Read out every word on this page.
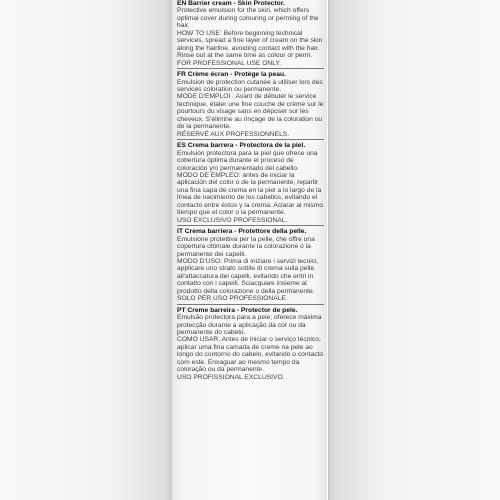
EN Barrier cream - Skin Protector.

Protective emulsion for the skin, which offers optimal cover during colouring or perming of the hair.

HOW TO USE: Before beginning technical services, spread a fine layer of cream on the skin along the hairline, avoiding contact with the hair. Rinse out at the same time as colour or perm.

FOR PROFESSIONAL USE ONLY.

FR Crème écran - Protège la peau.

Emulsion de protection cutanée à utiliser lors des services coloration ou permanente.

MODE D'EMPLOI : Avant de débuter le service technique, étaler une fine couche de crème sur le pourtours du visage sans en déposer sur les cheveux. S'élimine au rinçage de la coloration ou de la permanente.

RÉSERVÉ AUX PROFESSIONNELS.

ES Crema barrera - Protectora de la piel. Emulsión protectora para la piel que ofrece una cobertura óptima durante el proceso de coloración y/o permanentado del cabello.

MODO DE EMPLEO: antes de iniciar la aplicación del color o de la permanente, repartir una fina capa de crema en la piel a lo largo de la línea de nacimiento de los cabellos, evitando el contacto entre éstos y la crema. Aclarar al mismo tiempo que el color o la permanente.

USO EXCLUSIVO PROFESSIONAL.

IT Crema barriera - Protettore della pelle. Emulsione protettiva per la pelle, che offre una copertura ottimale durante la colorazione o la permanente dei capelli.

MODO D'USO: Prima di iniziare i servizi tecnici, applicare uno strato sottile di crema sulla pelle all'attaccatura dei capelli, evitando che entri in contatto con i capelli. Sciacquare insieme al prodotto della colorazione o della permanente.

SOLO PER USO PROFESSIONALE.

PT Creme barreira - Protector de pele. Emulsão protectora para a pele; oferece máxima protecção durante a aplicação da cor ou da permanente do cabelo.

COMO USAR: Antes de iniciar o serviço técnico, aplicar uma fina camada de creme na pele ao longo do contorno do cabelo, evitando o contacto com este. Enxaguar ao mesmo tempo da coloração ou da permanente.

USO PROFISSIONAL EXCLUSIVO.
